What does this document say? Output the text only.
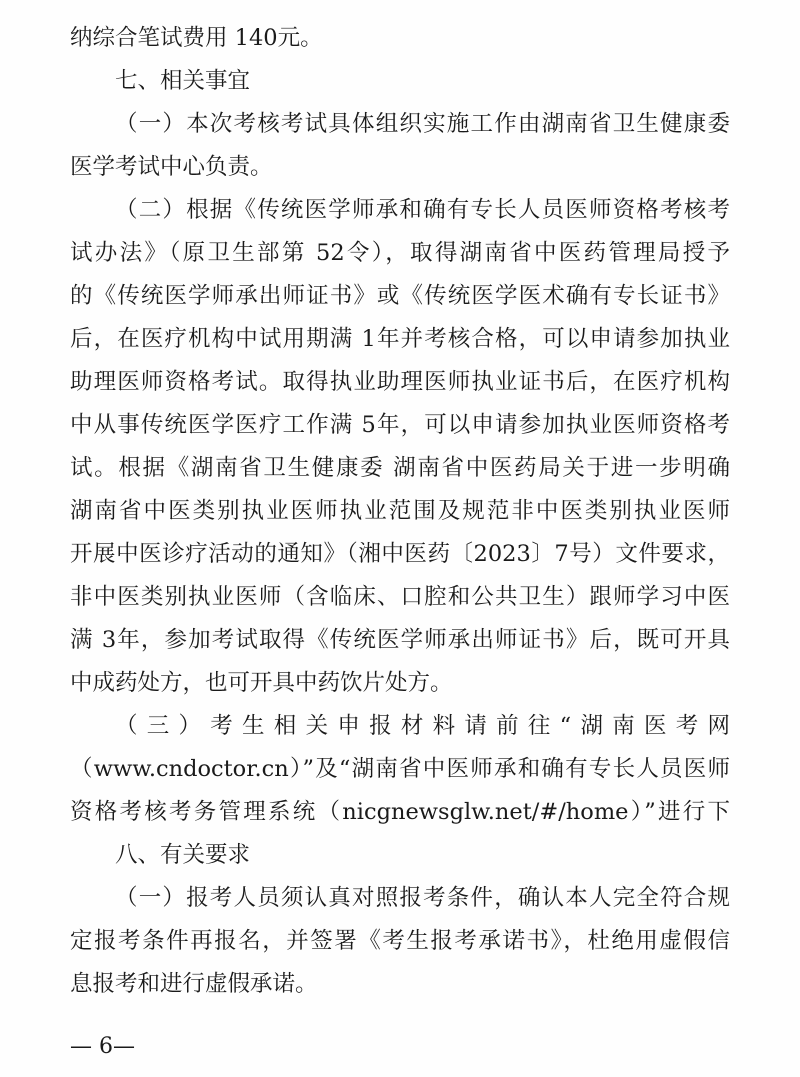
纳综合笔试费用 140元。
七、相关事宜
（一）本次考核考试具体组织实施工作由湖南省卫生健康委
医学考试中心负责。
（二）根据《传统医学师承和确有专长人员医师资格考核考
试办法》（原卫生部第 52令），取得湖南省中医药管理局授予
的《传统医学师承出师证书》或《传统医学医术确有专长证书》
后，在医疗机构中试用期满 1年并考核合格，可以申请参加执业
助理医师资格考试。取得执业助理医师执业证书后，在医疗机构
中从事传统医学医疗工作满 5年，可以申请参加执业医师资格考
试。根据《湖南省卫生健康委 湖南省中医药局关于进一步明确
湖南省中医类别执业医师执业范围及规范非中医类别执业医师
开展中医诊疗活动的通知》（湘中医药〔2023〕7号）文件要求，
非中医类别执业医师（含临床、口腔和公共卫生）跟师学习中医
满 3年，参加考试取得《传统医学师承出师证书》后，既可开具
中成药处方，也可开具中药饮片处方。
（三）考生相关申报材料请前往“湖南医考网
（www.cndoctor.cn）”及“湖南省中医师承和确有专长人员医师
资格考核考务管理系统（nicgnewsglw.net/#/home）”进行下
八、有关要求
（一）报考人员须认真对照报考条件，确认本人完全符合规
定报考条件再报名，并签署《考生报考承诺书》，杜绝用虚假信
息报考和进行虚假承诺。
— 6—
